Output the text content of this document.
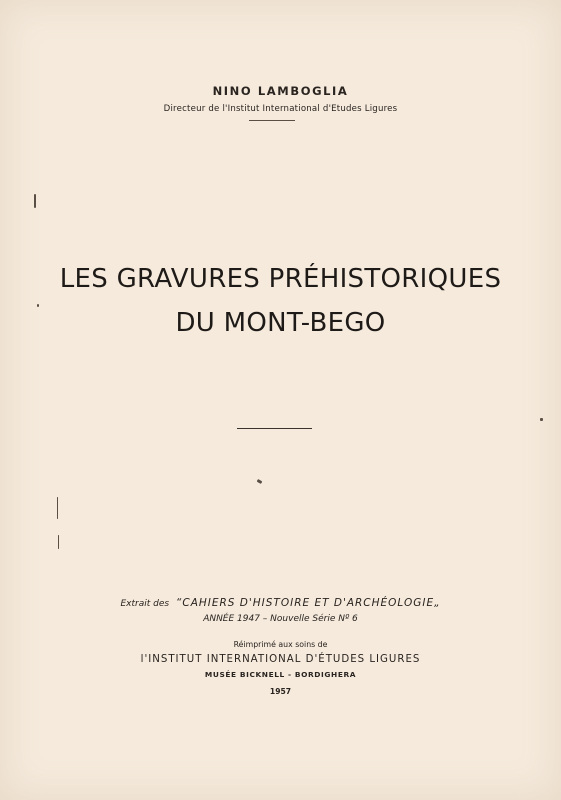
NINO LAMBOGLIA
Directeur de l'Institut International d'Etudes Ligures
LES GRAVURES PRÉHISTORIQUES
DU MONT-BEGO
Extrait des “CAHIERS D'HISTOIRE ET D'ARCHÉOLOGIE„
ANNÉE 1947 – Nouvelle Série Nº 6
Réimprimé aux soins de
l'INSTITUT INTERNATIONAL D'ÉTUDES LIGURES
MUSÉE BICKNELL - BORDIGHERA
1957
